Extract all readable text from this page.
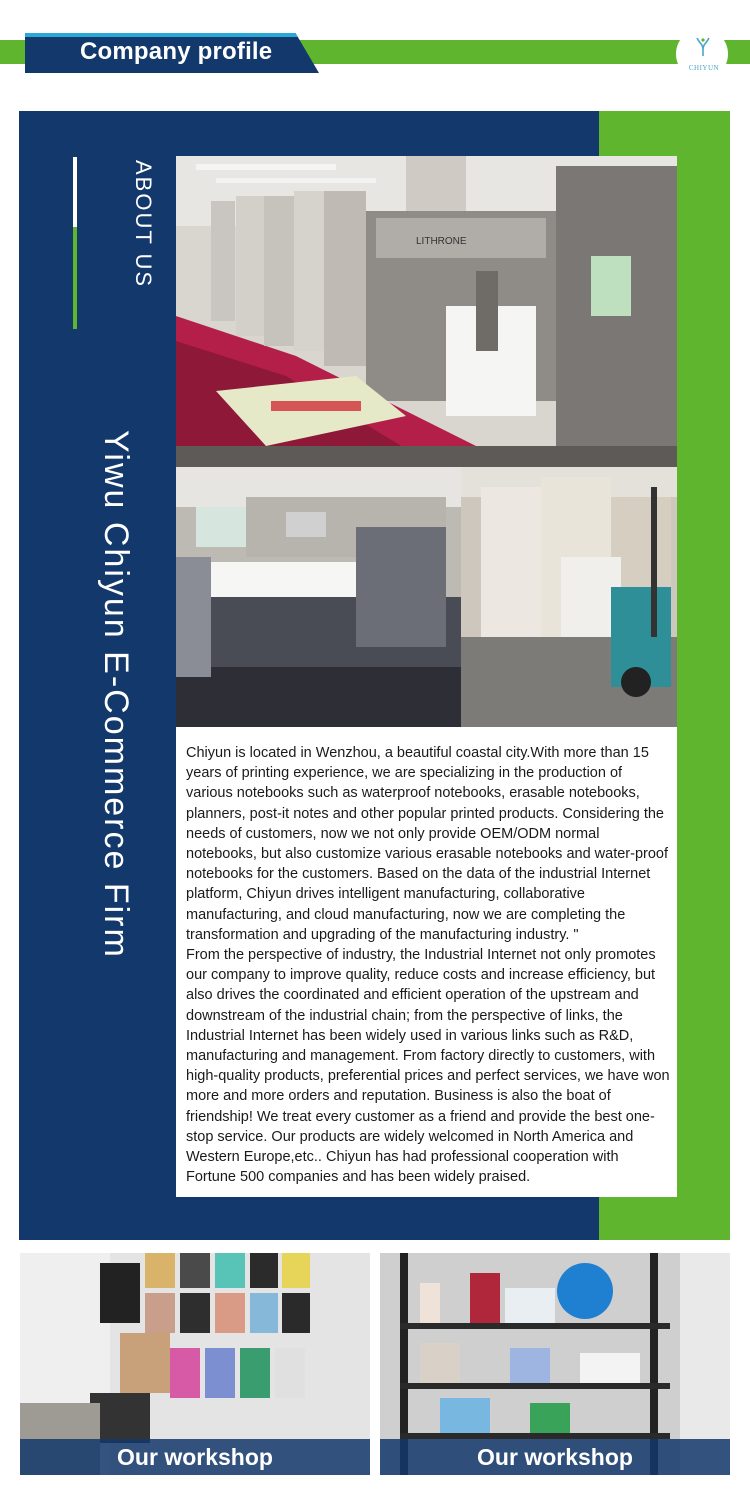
Company profile
CHIYUN
ABOUT US
Yiwu Chiyun E-Commerce Firm
LITHRONE
Chiyun is located in Wenzhou, a beautiful coastal city.With more than 15 years of printing experience, we are specializing in the production of various notebooks such as waterproof notebooks, erasable notebooks, planners, post-it notes and other popular printed products. Considering the needs of customers, now we not only provide OEM/ODM normal notebooks, but also customize various erasable notebooks and water-proof notebooks for the customers. Based on the data of the industrial Internet platform, Chiyun drives intelligent manufacturing, collaborative manufacturing, and cloud manufacturing, now we are completing the transformation and upgrading of the manufacturing industry. "
From the perspective of industry, the Industrial Internet not only promotes our company to improve quality, reduce costs and increase efficiency, but also drives the coordinated and efficient operation of the upstream and downstream of the industrial chain; from the perspective of links, the Industrial Internet has been widely used in various links such as R&D, manufacturing and management. From factory directly to customers, with high-quality products, preferential prices and perfect services, we have won more and more orders and reputation. Business is also the boat of friendship! We treat every customer as a friend and provide the best one-stop service. Our products are widely welcomed in North America and Western Europe,etc.. Chiyun has had professional cooperation with Fortune 500 companies and has been widely praised.
Our workshop	Our workshop
